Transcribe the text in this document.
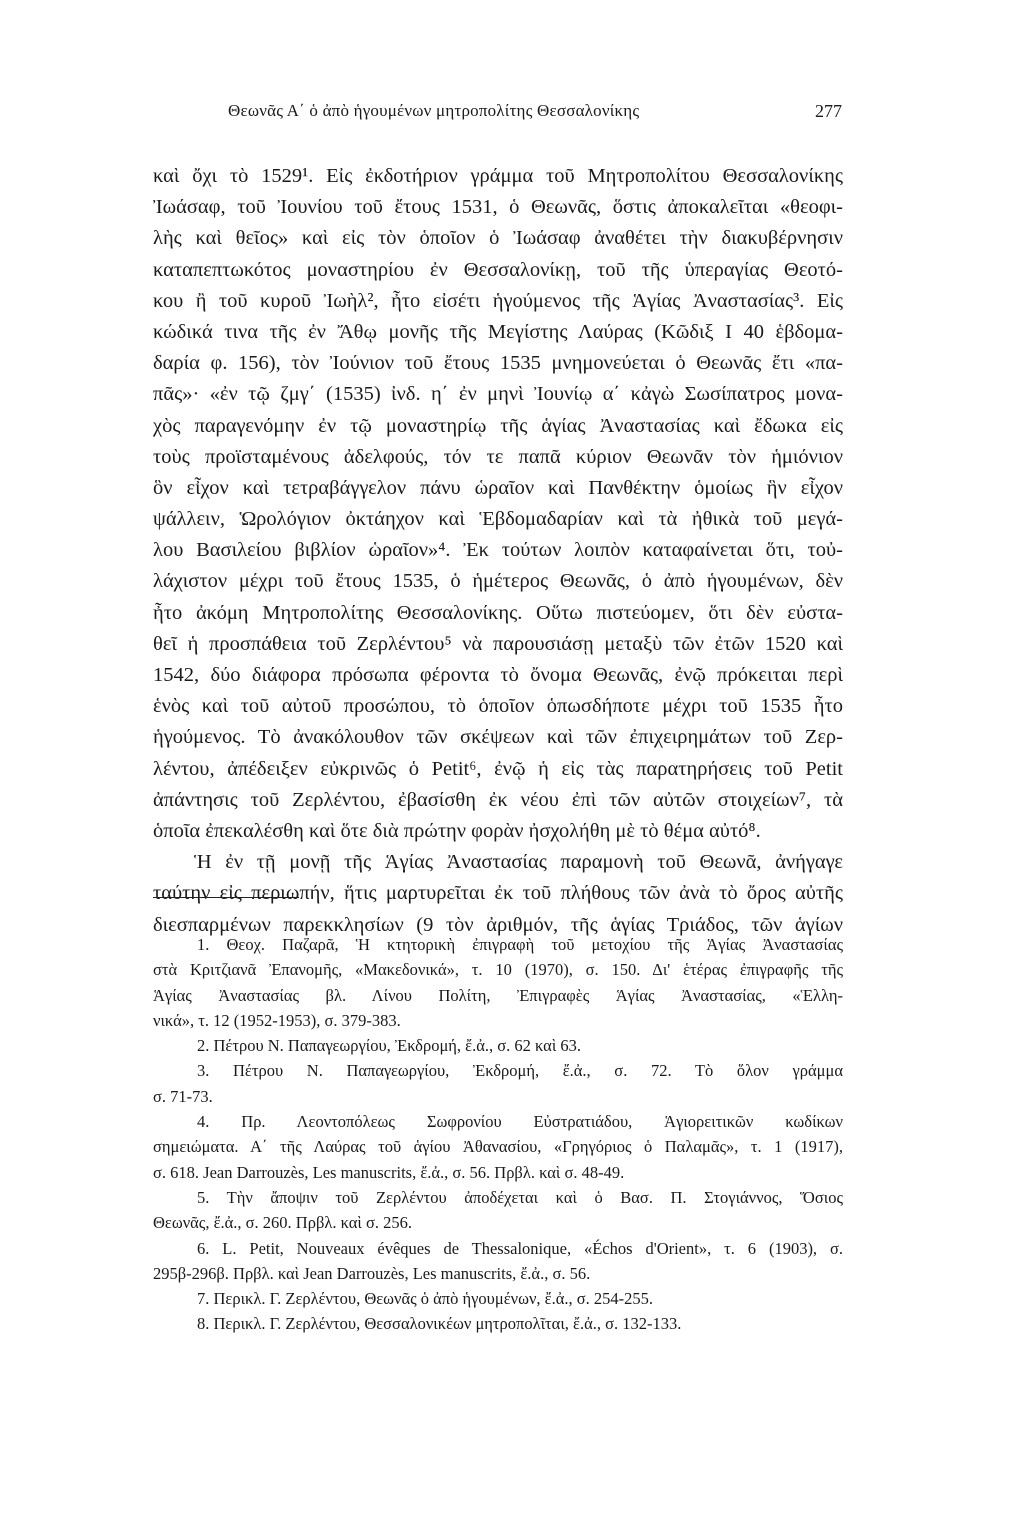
Θεωνᾶς Α΄ ὁ ἀπὸ ἡγουμένων μητροπολίτης Θεσσαλονίκης	277
καὶ ὄχι τὸ 1529¹. Εἰς ἐκδοτήριον γράμμα τοῦ Μητροπολίτου Θεσσαλονίκης
Ἰωάσαφ, τοῦ Ἰουνίου τοῦ ἔτους 1531, ὁ Θεωνᾶς, ὅστις ἀποκαλεῖται «θεοφι-
λὴς καὶ θεῖος» καὶ εἰς τὸν ὁποῖον ὁ Ἰωάσαφ ἀναθέτει τὴν διακυβέρνησιν
καταπεπτωκότος μοναστηρίου ἐν Θεσσαλονίκῃ, τοῦ τῆς ὑπεραγίας Θεοτό-
κου ἢ τοῦ κυροῦ Ἰωὴλ², ἦτο εἰσέτι ἡγούμενος τῆς Ἁγίας Ἀναστασίας³. Εἰς
κώδικά τινα τῆς ἐν Ἄθῳ μονῆς τῆς Μεγίστης Λαύρας (Κῶδιξ Ι 40 ἑβδομα-
δαρία φ. 156), τὸν Ἰούνιον τοῦ ἔτους 1535 μνημονεύεται ὁ Θεωνᾶς ἔτι «πα-
πᾶς»· «ἐν τῷ ζμγ΄ (1535) ἰνδ. η΄ ἐν μηνὶ Ἰουνίῳ α΄ κἀγὼ Σωσίπατρος μονα-
χὸς παραγενόμην ἐν τῷ μοναστηρίῳ τῆς ἁγίας Ἀναστασίας καὶ ἔδωκα εἰς
τοὺς προϊσταμένους ἀδελφούς, τόν τε παπᾶ κύριον Θεωνᾶν τὸν ἡμιόνιον
ὃν εἶχον καὶ τετραβάγγελον πάνυ ὡραῖον καὶ Πανθέκτην ὁμοίως ἣν εἶχον
ψάλλειν, Ὡρολόγιον ὀκτάηχον καὶ Ἑβδομαδαρίαν καὶ τὰ ἠθικὰ τοῦ μεγά-
λου Βασιλείου βιβλίον ὡραῖον»⁴. Ἐκ τούτων λοιπὸν καταφαίνεται ὅτι, τοὐ-
λάχιστον μέχρι τοῦ ἔτους 1535, ὁ ἡμέτερος Θεωνᾶς, ὁ ἀπὸ ἡγουμένων, δὲν
ἦτο ἀκόμη Μητροπολίτης Θεσσαλονίκης. Οὕτω πιστεύομεν, ὅτι δὲν εὐστα-
θεῖ ἡ προσπάθεια τοῦ Ζερλέντου⁵ νὰ παρουσιάσῃ μεταξὺ τῶν ἐτῶν 1520 καὶ
1542, δύο διάφορα πρόσωπα φέροντα τὸ ὄνομα Θεωνᾶς, ἐνῷ πρόκειται περὶ
ἑνὸς καὶ τοῦ αὐτοῦ προσώπου, τὸ ὁποῖον ὁπωσδήποτε μέχρι τοῦ 1535 ἦτο
ἡγούμενος. Τὸ ἀνακόλουθον τῶν σκέψεων καὶ τῶν ἐπιχειρημάτων τοῦ Ζερ-
λέντου, ἀπέδειξεν εὐκρινῶς ὁ Petit⁶, ἐνῷ ἡ εἰς τὰς παρατηρήσεις τοῦ Petit
ἀπάντησις τοῦ Ζερλέντου, ἐβασίσθη ἐκ νέου ἐπὶ τῶν αὐτῶν στοιχείων⁷, τὰ
ὁποῖα ἐπεκαλέσθη καὶ ὅτε διὰ πρώτην φορὰν ἠσχολήθη μὲ τὸ θέμα αὐτό⁸.
Ἡ ἐν τῇ μονῇ τῆς Ἁγίας Ἀναστασίας παραμονὴ τοῦ Θεωνᾶ, ἀνήγαγε
ταύτην εἰς περιωπήν, ἥτις μαρτυρεῖται ἐκ τοῦ πλήθους τῶν ἀνὰ τὸ ὄρος αὐτῆς
διεσπαρμένων παρεκκλησίων (9 τὸν ἀριθμόν, τῆς ἁγίας Τριάδος, τῶν ἁγίων
1. Θεοχ. Παζαρᾶ, Ἡ κτητορικὴ ἐπιγραφὴ τοῦ μετοχίου τῆς Ἁγίας Ἀναστασίας
στὰ Κριτζιανᾶ Ἐπανομῆς, «Μακεδονικά», τ. 10 (1970), σ. 150. Δι' ἑτέρας ἐπιγραφῆς τῆς
Ἁγίας Ἀναστασίας βλ. Λίνου Πολίτη, Ἐπιγραφὲς Ἁγίας Ἀναστασίας, «Ἑλλη-
νικά», τ. 12 (1952-1953), σ. 379-383.
2. Πέτρου Ν. Παπαγεωργίου, Ἐκδρομή, ἔ.ἀ., σ. 62 καὶ 63.
3. Πέτρου Ν. Παπαγεωργίου, Ἐκδρομή, ἔ.ἀ., σ. 72. Τὸ ὅλον γράμμα
σ. 71-73.
4. Πρ. Λεοντοπόλεως Σωφρονίου Εὐστρατιάδου, Ἁγιορειτικῶν κωδίκων
σημειώματα. Α΄ τῆς Λαύρας τοῦ ἁγίου Ἀθανασίου, «Γρηγόριος ὁ Παλαμᾶς», τ. 1 (1917),
σ. 618. Jean Darrouzès, Les manuscrits, ἔ.ἀ., σ. 56. Πρβλ. καὶ σ. 48-49.
5. Τὴν ἄποψιν τοῦ Ζερλέντου ἀποδέχεται καὶ ὁ Βασ. Π. Στογιάννος, Ὅσιος
Θεωνᾶς, ἔ.ἀ., σ. 260. Πρβλ. καὶ σ. 256.
6. L. Petit, Nouveaux évêques de Thessalonique, «Échos d'Orient», τ. 6 (1903), σ.
295β-296β. Πρβλ. καὶ Jean Darrouzès, Les manuscrits, ἔ.ἀ., σ. 56.
7. Περικλ. Γ. Ζερλέντου, Θεωνᾶς ὁ ἀπὸ ἡγουμένων, ἔ.ἀ., σ. 254-255.
8. Περικλ. Γ. Ζερλέντου, Θεσσαλονικέων μητροπολῖται, ἔ.ἀ., σ. 132-133.
